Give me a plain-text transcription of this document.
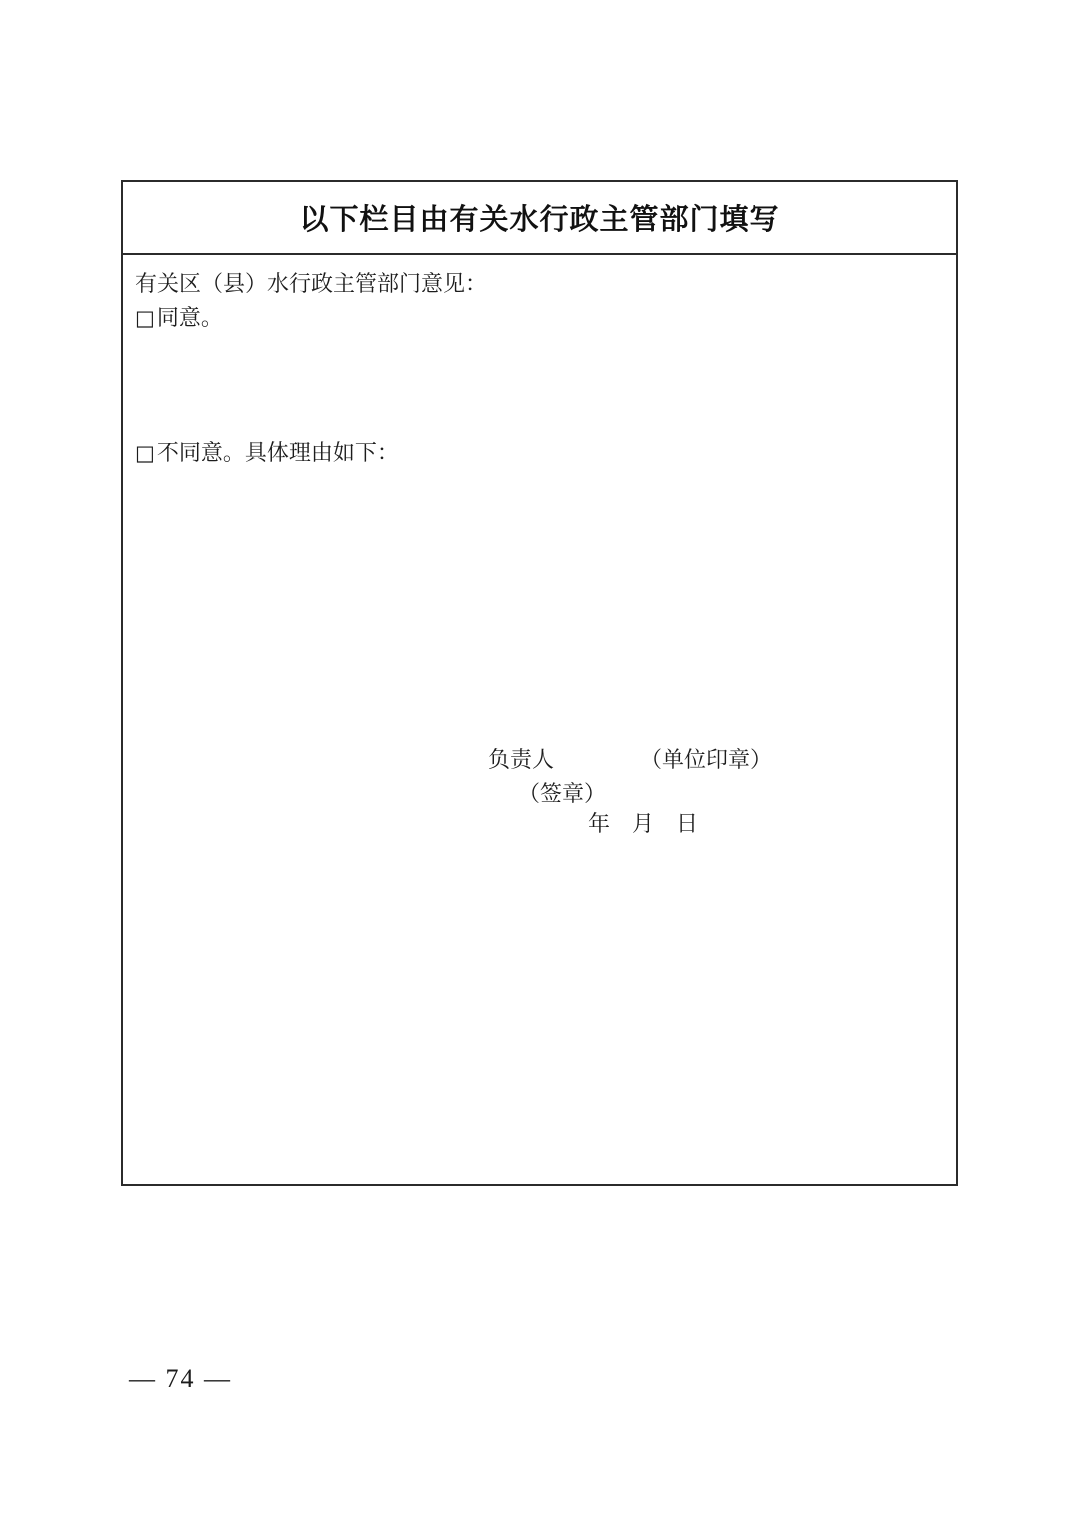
以下栏目由有关水行政主管部门填写
有关区（县）水行政主管部门意见：
□同意。
□不同意。具体理由如下：
负责人	（单位印章）
（签章）
年　月　日
— 74 —
